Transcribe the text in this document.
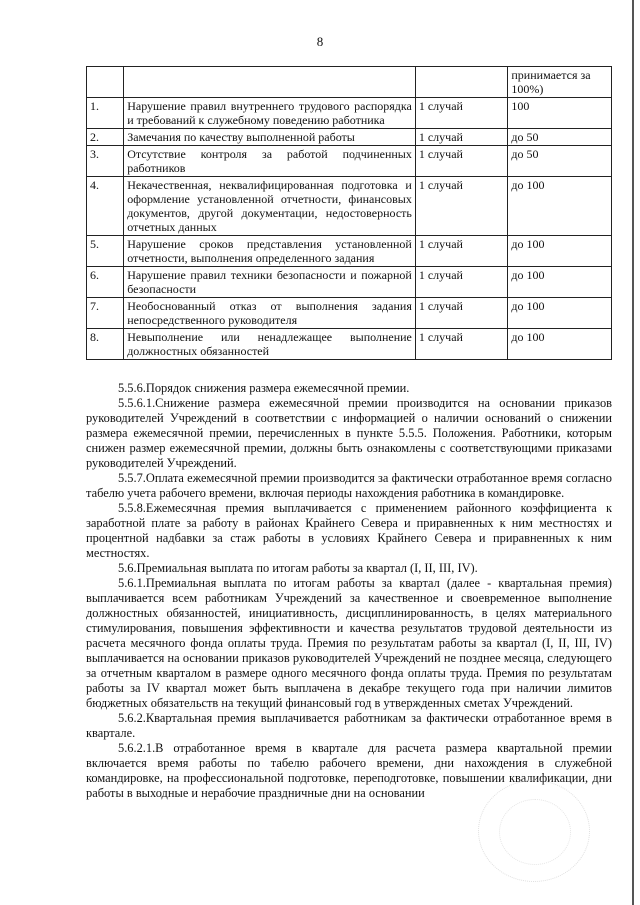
8
			принимается за 100%)
1.	Нарушение правил внутреннего трудового распорядка и требований к служебному поведению работника	1 случай	100
2.	Замечания по качеству выполненной работы	1 случай	до 50
3.	Отсутствие контроля за работой подчиненных работников	1 случай	до 50
4.	Некачественная, неквалифицированная подготовка и оформление установленной отчетности, финансовых документов, другой документации, недостоверность отчетных данных	1 случай	до 100
5.	Нарушение сроков представления установленной отчетности, выполнения определенного задания	1 случай	до 100
6.	Нарушение правил техники безопасности и пожарной безопасности	1 случай	до 100
7.	Необоснованный отказ от выполнения задания непосредственного руководителя	1 случай	до 100
8.	Невыполнение или ненадлежащее выполнение должностных обязанностей	1 случай	до 100

5.5.6.Порядок снижения размера ежемесячной премии.

5.5.6.1.Снижение размера ежемесячной премии производится на основании приказов руководителей Учреждений в соответствии с информацией о наличии оснований о снижении размера ежемесячной премии, перечисленных в пункте 5.5.5. Положения. Работники, которым снижен размер ежемесячной премии, должны быть ознакомлены с соответствующими приказами руководителей Учреждений.

5.5.7.Оплата ежемесячной премии производится за фактически отработанное время согласно табелю учета рабочего времени, включая периоды нахождения работника в командировке.

5.5.8.Ежемесячная премия выплачивается с применением районного коэффициента к заработной плате за работу в районах Крайнего Севера и приравненных к ним местностях и процентной надбавки за стаж работы в условиях Крайнего Севера и приравненных к ним местностях.

5.6.Премиальная выплата по итогам работы за квартал (I, II, III, IV).

5.6.1.Премиальная выплата по итогам работы за квартал (далее - квартальная премия) выплачивается всем работникам Учреждений за качественное и своевременное выполнение должностных обязанностей, инициативность, дисциплинированность, в целях материального стимулирования, повышения эффективности и качества результатов трудовой деятельности из расчета месячного фонда оплаты труда. Премия по результатам работы за квартал (I, II, III, IV) выплачивается на основании приказов руководителей Учреждений не позднее месяца, следующего за отчетным кварталом в размере одного месячного фонда оплаты труда. Премия по результатам работы за IV квартал может быть выплачена в декабре текущего года при наличии лимитов бюджетных обязательств на текущий финансовый год в утвержденных сметах Учреждений.

5.6.2.Квартальная премия выплачивается работникам за фактически отработанное время в квартале.

5.6.2.1.В отработанное время в квартале для расчета размера квартальной премии включается время работы по табелю рабочего времени, дни нахождения в служебной командировке, на профессиональной подготовке, переподготовке, повышении квалификации, дни работы в выходные и нерабочие праздничные дни на основании
